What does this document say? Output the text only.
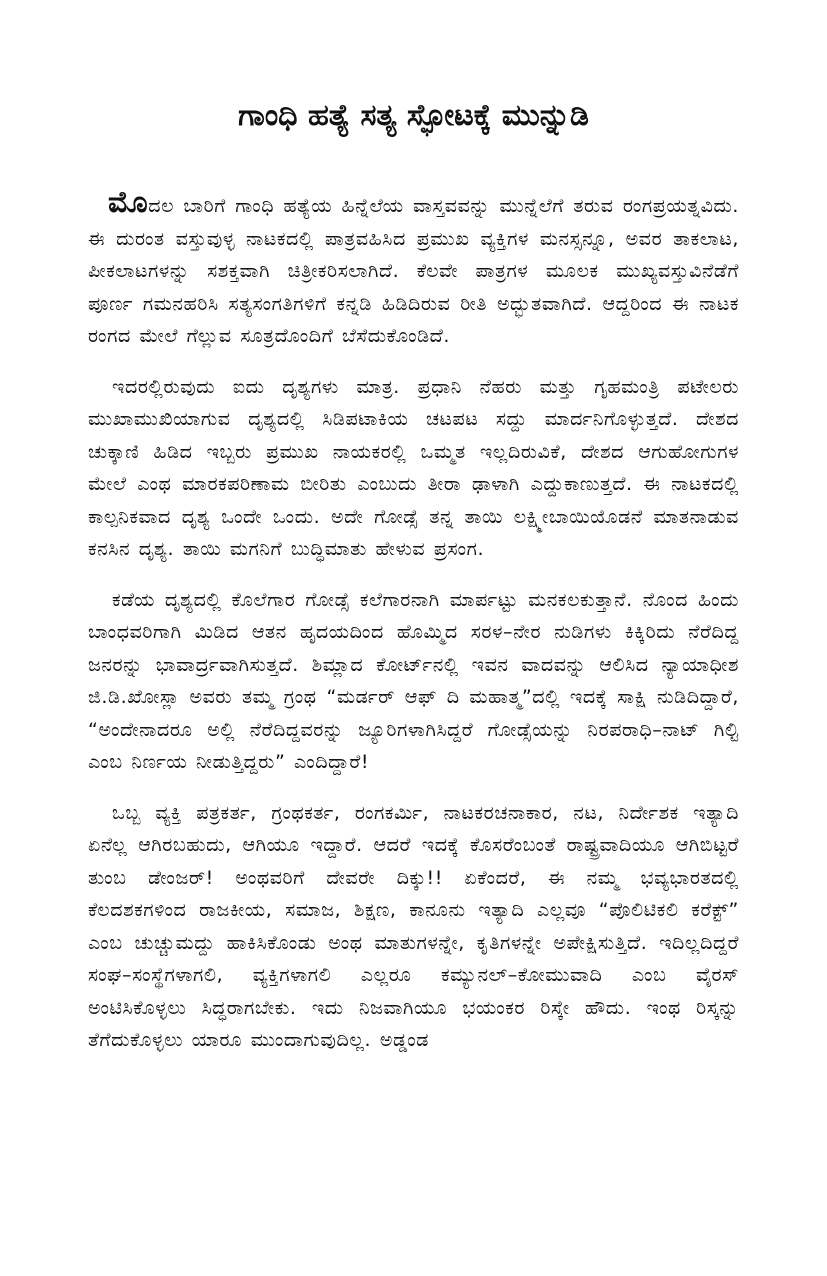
ಗಾಂಧಿ ಹತ್ಯೆ ಸತ್ಯ ಸ್ಫೋಟಕ್ಕೆ ಮುನ್ನುಡಿ

ಮೊದಲ ಬಾರಿಗೆ ಗಾಂಧಿ ಹತ್ಯೆಯ ಹಿನ್ನೆಲೆಯ ವಾಸ್ತವವನ್ನು ಮುನ್ನೆಲೆಗೆ ತರುವ ರಂಗಪ್ರಯತ್ನವಿದು. ಈ ದುರಂತ ವಸ್ತುವುಳ್ಳ ನಾಟಕದಲ್ಲಿ ಪಾತ್ರವಹಿಸಿದ ಪ್ರಮುಖ ವ್ಯಕ್ತಿಗಳ ಮನಸ್ಸನ್ನೂ, ಅವರ ತಾಕಲಾಟ, ಪೀಕಲಾಟಗಳನ್ನು ಸಶಕ್ತವಾಗಿ ಚಿತ್ರೀಕರಿಸಲಾಗಿದೆ. ಕೆಲವೇ ಪಾತ್ರಗಳ ಮೂಲಕ ಮುಖ್ಯವಸ್ತುವಿನೆಡೆಗೆ ಪೂರ್ಣ ಗಮನಹರಿಸಿ ಸತ್ಯಸಂಗತಿಗಳಿಗೆ ಕನ್ನಡಿ ಹಿಡಿದಿರುವ ರೀತಿ ಅದ್ಭುತವಾಗಿದೆ. ಆದ್ದರಿಂದ ಈ ನಾಟಕ ರಂಗದ ಮೇಲೆ ಗೆಲ್ಲುವ ಸೂತ್ರದೊಂದಿಗೆ ಬೆಸೆದುಕೊಂಡಿದೆ.

ಇದರಲ್ಲಿರುವುದು ಐದು ದೃಶ್ಯಗಳು ಮಾತ್ರ. ಪ್ರಧಾನಿ ನೆಹರು ಮತ್ತು ಗೃಹಮಂತ್ರಿ ಪಟೇಲರು ಮುಖಾಮುಖಿಯಾಗುವ ದೃಶ್ಯದಲ್ಲಿ ಸಿಡಿಪಟಾಕಿಯ ಚಟಪಟ ಸದ್ದು ಮಾರ್ದನಿಗೊಳ್ಳುತ್ತದೆ. ದೇಶದ ಚುಕ್ಕಾಣಿ ಹಿಡಿದ ಇಬ್ಬರು ಪ್ರಮುಖ ನಾಯಕರಲ್ಲಿ ಒಮ್ಮತ ಇಲ್ಲದಿರುವಿಕೆ, ದೇಶದ ಆಗುಹೋಗುಗಳ ಮೇಲೆ ಎಂಥ ಮಾರಕಪರಿಣಾಮ ಬೀರಿತು ಎಂಬುದು ತೀರಾ ಢಾಳಾಗಿ ಎದ್ದುಕಾಣುತ್ತದೆ. ಈ ನಾಟಕದಲ್ಲಿ ಕಾಲ್ಪನಿಕವಾದ ದೃಶ್ಯ ಒಂದೇ ಒಂದು. ಅದೇ ಗೋಡ್ಸೆ ತನ್ನ ತಾಯಿ ಲಕ್ಷ್ಮೀಬಾಯಿಯೊಡನೆ ಮಾತನಾಡುವ ಕನಸಿನ ದೃಶ್ಯ. ತಾಯಿ ಮಗನಿಗೆ ಬುದ್ಧಿಮಾತು ಹೇಳುವ ಪ್ರಸಂಗ.

ಕಡೆಯ ದೃಶ್ಯದಲ್ಲಿ ಕೊಲೆಗಾರ ಗೋಡ್ಸೆ ಕಲೆಗಾರನಾಗಿ ಮಾರ್ಪಟ್ಟು ಮನಕಲಕುತ್ತಾನೆ. ನೊಂದ ಹಿಂದು ಬಾಂಧವರಿಗಾಗಿ ಮಿಡಿದ ಆತನ ಹೃದಯದಿಂದ ಹೊಮ್ಮಿದ ಸರಳ–ನೇರ ನುಡಿಗಳು ಕಿಕ್ಕಿರಿದು ನೆರೆದಿದ್ದ ಜನರನ್ನು ಭಾವಾರ್ದ್ರವಾಗಿಸುತ್ತದೆ. ಶಿಮ್ಲಾದ ಕೋರ್ಟ್‌ನಲ್ಲಿ ಇವನ ವಾದವನ್ನು ಆಲಿಸಿದ ನ್ಯಾಯಾಧೀಶ ಜಿ.ಡಿ.ಖೋಸ್ಲಾ ಅವರು ತಮ್ಮ ಗ್ರಂಥ “ಮರ್ಡರ್ ಆಫ್ ದಿ ಮಹಾತ್ಮ”ದಲ್ಲಿ ಇದಕ್ಕೆ ಸಾಕ್ಷಿ ನುಡಿದಿದ್ದಾರೆ, “ಅಂದೇನಾದರೂ ಅಲ್ಲಿ ನೆರೆದಿದ್ದವರನ್ನು ಜ್ಯೂರಿಗಳಾಗಿಸಿದ್ದರೆ ಗೋಡ್ಸೆಯನ್ನು ನಿರಪರಾಧಿ–ನಾಟ್ ಗಿಲ್ಟಿ ಎಂಬ ನಿರ್ಣಯ ನೀಡುತ್ತಿದ್ದರು” ಎಂದಿದ್ದಾರೆ!

ಒಬ್ಬ ವ್ಯಕ್ತಿ ಪತ್ರಕರ್ತ, ಗ್ರಂಥಕರ್ತ, ರಂಗಕರ್ಮಿ, ನಾಟಕರಚನಾಕಾರ, ನಟ, ನಿರ್ದೇಶಕ ಇತ್ಯಾದಿ ಏನೆಲ್ಲ ಆಗಿರಬಹುದು, ಆಗಿಯೂ ಇದ್ದಾರೆ. ಆದರೆ ಇದಕ್ಕೆ ಕೊಸರೆಂಬಂತೆ ರಾಷ್ಟ್ರವಾದಿಯೂ ಆಗಿಬಿಟ್ಟರೆ ತುಂಬ ಡೇಂಜರ್! ಅಂಥವರಿಗೆ ದೇವರೇ ದಿಕ್ಕು!! ಏಕೆಂದರೆ, ಈ ನಮ್ಮ ಭವ್ಯಭಾರತದಲ್ಲಿ ಕೆಲದಶಕಗಳಿಂದ ರಾಜಕೀಯ, ಸಮಾಜ, ಶಿಕ್ಷಣ, ಕಾನೂನು ಇತ್ಯಾದಿ ಎಲ್ಲವೂ “ಪೊಲಿಟಿಕಲಿ ಕರೆಕ್ಟ್” ಎಂಬ ಚುಚ್ಚುಮದ್ದು ಹಾಕಿಸಿಕೊಂಡು ಅಂಥ ಮಾತುಗಳನ್ನೇ, ಕೃತಿಗಳನ್ನೇ ಅಪೇಕ್ಷಿಸುತ್ತಿದೆ. ಇದಿಲ್ಲದಿದ್ದರೆ ಸಂಘ–ಸಂಸ್ಥೆಗಳಾಗಲಿ, ವ್ಯಕ್ತಿಗಳಾಗಲಿ ಎಲ್ಲರೂ ಕಮ್ಯುನಲ್–ಕೋಮುವಾದಿ ಎಂಬ ವೈರಸ್ ಅಂಟಿಸಿಕೊಳ್ಳಲು ಸಿದ್ಧರಾಗಬೇಕು. ಇದು ನಿಜವಾಗಿಯೂ ಭಯಂಕರ ರಿಸ್ಕೇ ಹೌದು. ಇಂಥ ರಿಸ್ಕನ್ನು ತೆಗೆದುಕೊಳ್ಳಲು ಯಾರೂ ಮುಂದಾಗುವುದಿಲ್ಲ. ಅಡ್ಡಂಡ
